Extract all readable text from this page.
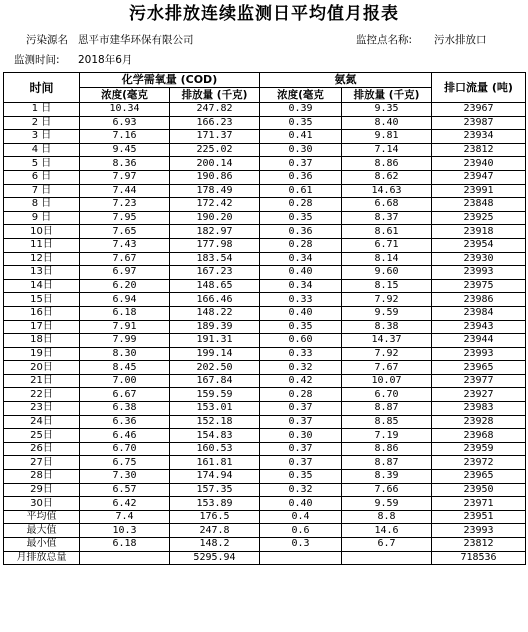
污水排放连续监测日平均值月报表
污染源名 恩平市建华环保有限公司	监控点名称: 污水排放口
监测时间: 2018年6月
时间	化学需氧量 (COD)		氨氮		排口流量 (吨)
	浓度(毫克	排放量 (千克)	浓度(毫克	排放量 (千克)	
1 日	10.34	247.82	0.39	9.35	23967
2 日	6.93	166.23	0.35	8.40	23987
3 日	7.16	171.37	0.41	9.81	23934
4 日	9.45	225.02	0.30	7.14	23812
5 日	8.36	200.14	0.37	8.86	23940
6 日	7.97	190.86	0.36	8.62	23947
7 日	7.44	178.49	0.61	14.63	23991
8 日	7.23	172.42	0.28	6.68	23848
9 日	7.95	190.20	0.35	8.37	23925
10日	7.65	182.97	0.36	8.61	23918
11日	7.43	177.98	0.28	6.71	23954
12日	7.67	183.54	0.34	8.14	23930
13日	6.97	167.23	0.40	9.60	23993
14日	6.20	148.65	0.34	8.15	23975
15日	6.94	166.46	0.33	7.92	23986
16日	6.18	148.22	0.40	9.59	23984
17日	7.91	189.39	0.35	8.38	23943
18日	7.99	191.31	0.60	14.37	23944
19日	8.30	199.14	0.33	7.92	23993
20日	8.45	202.50	0.32	7.67	23965
21日	7.00	167.84	0.42	10.07	23977
22日	6.67	159.59	0.28	6.70	23927
23日	6.38	153.01	0.37	8.87	23983
24日	6.36	152.18	0.37	8.85	23928
25日	6.46	154.83	0.30	7.19	23968
26日	6.70	160.53	0.37	8.86	23959
27日	6.75	161.81	0.37	8.87	23972
28日	7.30	174.94	0.35	8.39	23965
29日	6.57	157.35	0.32	7.66	23950
30日	6.42	153.89	0.40	9.59	23971
平均值	7.4	176.5	0.4	8.8	23951
最大值	10.3	247.8	0.6	14.6	23993
最小值	6.18	148.2	0.3	6.7	23812
月排放总量		5295.94			718536
